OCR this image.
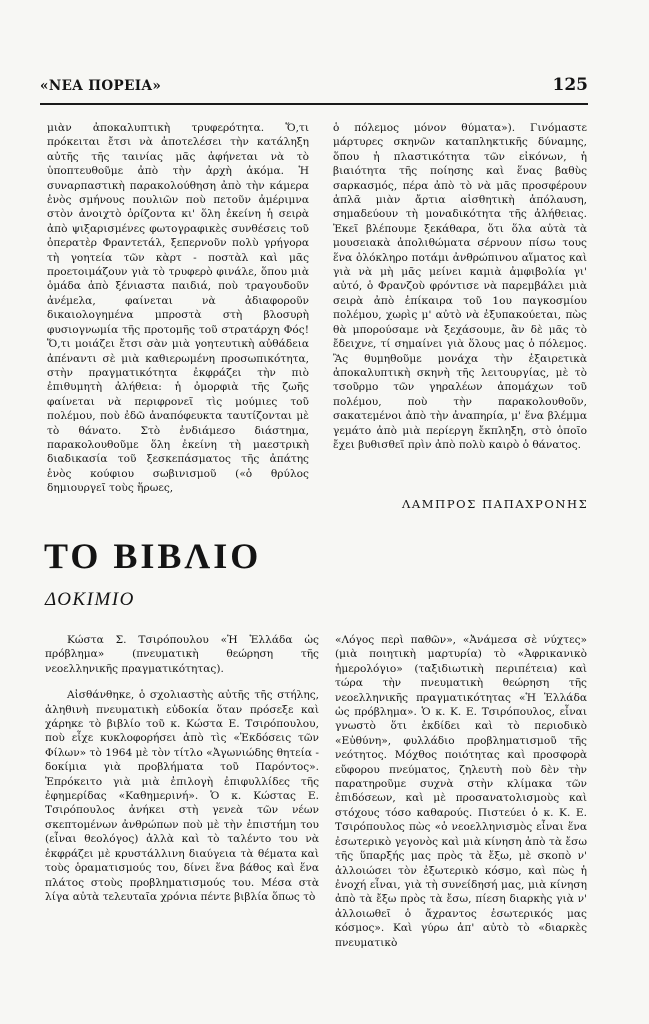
«ΝΕΑ ΠΟΡΕΙΑ»	125

μιὰν ἀποκαλυπτικὴ τρυφερότητα. Ὅ,τι πρόκειται ἔτσι νὰ ἀποτελέσει τὴν κατάληξη αὐτῆς τῆς ταινίας μᾶς ἀφήνεται νὰ τὸ ὑποπτευθοῦμε ἀπὸ τὴν ἀρχὴ ἀκόμα. Ἡ συναρπαστικὴ παρακολούθηση ἀπὸ τὴν κάμερα ἑνὸς σμήνους πουλιῶν ποὺ πετοῦν ἀμέριμνα στὸν ἀνοιχτὸ ὁρίζοντα κι' ὅλη ἐκείνη ἡ σειρὰ ἀπὸ ψιξαρισμένες φωτογραφικὲς συνθέσεις τοῦ ὀπερατὲρ Φραντετάλ, ξεπερνοῦν πολὺ γρήγορα τὴ γοητεία τῶν κὰρτ - ποστὰλ καὶ μᾶς προετοιμάζουν γιὰ τὸ τρυφερὸ φινάλε, ὅπου μιὰ ὁμάδα ἀπὸ ξένιαστα παιδιά, ποὺ τραγουδοῦν ἀνέμελα, φαίνεται νὰ ἀδιαφοροῦν δικαιολογημένα μπροστὰ στὴ βλοσυρὴ φυσιογνωμία τῆς προτομῆς τοῦ στρατάρχη Φός! Ὅ,τι μοιάζει ἔτσι σὰν μιὰ γοητευτικὴ αὐθάδεια ἀπέναντι σὲ μιὰ καθιερωμένη προσωπικότητα, στὴν πραγματικότητα ἐκφράζει τὴν πιὸ ἐπιθυμητὴ ἀλήθεια: ἡ ὀμορφιὰ τῆς ζωῆς φαίνεται νὰ περιφρονεῖ τὶς μούμιες τοῦ πολέμου, ποὺ ἐδῶ ἀναπόφευκτα ταυτίζονται μὲ τὸ θάνατο. Στὸ ἐνδιάμεσο διάστημα, παρακολουθοῦμε ὅλη ἐκείνη τὴ μαεστρικὴ διαδικασία τοῦ ξεσκεπάσματος τῆς ἀπάτης ἑνὸς κούφιου σωβινισμοῦ («ὁ θρύλος δημιουργεῖ τοὺς ἥρωες,

ὁ πόλεμος μόνον θύματα»). Γινόμαστε μάρτυρες σκηνῶν καταπληκτικῆς δύναμης, ὅπου ἡ πλαστικότητα τῶν εἰκόνων, ἡ βιαιότητα τῆς ποίησης καὶ ἕνας βαθὺς σαρκασμός, πέρα ἀπὸ τὸ νὰ μᾶς προσφέρουν ἁπλᾶ μιὰν ἄρτια αἰσθητικὴ ἀπόλαυση, σημαδεύουν τὴ μοναδικότητα τῆς ἀλήθειας. Ἐκεῖ βλέπουμε ξεκάθαρα, ὅτι ὅλα αὐτὰ τὰ μουσειακὰ ἀπολιθώματα σέρνουν πίσω τους ἕνα ὁλόκληρο ποτάμι ἀνθρώπινου αἵματος καὶ γιὰ νὰ μὴ μᾶς μείνει καμιὰ ἀμφιβολία γι' αὐτό, ὁ Φρανζοὺ φρόντισε νὰ παρεμβάλει μιὰ σειρὰ ἀπὸ ἐπίκαιρα τοῦ 1ου παγκοσμίου πολέμου, χωρὶς μ' αὐτὸ νὰ ἐξυπακούεται, πὼς θὰ μπορούσαμε νὰ ξεχάσουμε, ἂν δὲ μᾶς τὸ ἔδειχνε, τί σημαίνει γιὰ ὅλους μας ὁ πόλεμος. Ἂς θυμηθοῦμε μονάχα τὴν ἐξαιρετικὰ ἀποκαλυπτικὴ σκηνὴ τῆς λειτουργίας, μὲ τὸ τσοῦρμο τῶν γηραλέων ἀπομάχων τοῦ πολέμου, ποὺ τὴν παρακολουθοῦν, σακατεμένοι ἀπὸ τὴν ἀναπηρία, μ' ἕνα βλέμμα γεμάτο ἀπὸ μιὰ περίεργη ἔκπληξη, στὸ ὁποῖο ἔχει βυθισθεῖ πρὶν ἀπὸ πολὺ καιρὸ ὁ θάνατος.

ΛΑΜΠΡΟΣ ΠΑΠΑΧΡΟΝΗΣ
ΤΟ ΒΙΒΛΙΟ
ΔΟΚΙΜΙΟ
Κώστα Σ. Τσιρόπουλου «Ἡ Ἑλλάδα ὡς πρόβλημα» (πνευματικὴ θεώρηση τῆς νεοελληνικῆς πραγματικότητας).
Αἰσθάνθηκε, ὁ σχολιαστὴς αὐτῆς τῆς στήλης, ἀληθινὴ πνευματικὴ εὐδοκία ὅταν πρόσεξε καὶ χάρηκε τὸ βιβλίο τοῦ κ. Κώστα Ε. Τσιρόπουλου, ποὺ εἶχε κυκλοφορήσει ἀπὸ τὶς «Ἐκδόσεις τῶν Φίλων» τὸ 1964 μὲ τὸν τίτλο «Ἀγωνιώδης θητεία - δοκίμια γιὰ προβλήματα τοῦ Παρόντος». Ἐπρόκειτο γιὰ μιὰ ἐπιλογὴ ἐπιφυλλίδες τῆς ἐφημερίδας «Καθημερινή». Ὁ κ. Κώστας Ε. Τσιρόπουλος ἀνήκει στὴ γενεὰ τῶν νέων σκεπτομένων ἀνθρώπων ποὺ μὲ τὴν ἐπιστήμη του (εἶναι θεολόγος) ἀλλὰ καὶ τὸ ταλέντο του νὰ ἐκφράζει μὲ κρυστάλλινη διαύγεια τὰ θέματα καὶ τοὺς ὁραματισμούς του, δίνει ἕνα βάθος καὶ ἕνα πλάτος στοὺς προβληματισμούς του. Μέσα στὰ λίγα αὐτὰ τελευταῖα χρόνια πέντε βιβλία ὅπως τὸ

«Λόγος περὶ παθῶν», «Ἀνάμεσα σὲ νύχτες» (μιὰ ποιητικὴ μαρτυρία) τὸ «Ἀφρικανικὸ ἡμερολόγιο» (ταξιδιωτικὴ περιπέτεια) καὶ τώρα τὴν πνευματικὴ θεώρηση τῆς νεοελληνικῆς πραγματικότητας «Ἡ Ἑλλάδα ὡς πρόβλημα». Ὁ κ. Κ. Ε. Τσιρόπουλος, εἶναι γνωστὸ ὅτι ἐκδίδει καὶ τὸ περιοδικὸ «Εὐθύνη», φυλλάδιο προβληματισμοῦ τῆς νεότητος. Μόχθος ποιότητας καὶ προσφορὰ εὔφορου πνεύματος, ζηλευτὴ ποὺ δὲν τὴν παρατηροῦμε συχνὰ στὴν κλίμακα τῶν ἐπιδόσεων, καὶ μὲ προσανατολισμοὺς καὶ στόχους τόσο καθαρούς. Πιστεύει ὁ κ. Κ. Ε. Τσιρόπουλος πὼς «ὁ νεοελληνισμὸς εἶναι ἕνα ἐσωτερικὸ γεγονὸς καὶ μιὰ κίνηση ἀπὸ τὰ ἔσω τῆς ὕπαρξής μας πρὸς τὰ ἔξω, μὲ σκοπὸ ν' ἀλλοιώσει τὸν ἐξωτερικὸ κόσμο, καὶ πὼς ἡ ἐνοχή εἶναι, γιὰ τὴ συνείδησή μας, μιὰ κίνηση ἀπὸ τὰ ἔξω πρὸς τὰ ἔσω, πίεση διαρκὴς γιὰ ν' ἀλλοιωθεῖ ὁ ἄχραντος ἐσωτερικός μας κόσμος». Καὶ γύρω ἀπ' αὐτὸ τὸ «διαρκὲς πνευματικὸ
